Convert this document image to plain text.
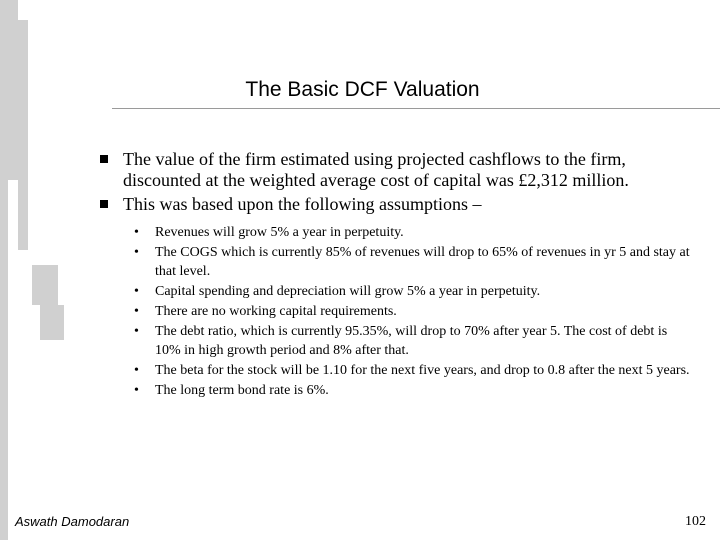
The Basic DCF Valuation
The value of the firm estimated using projected cashflows to the firm, discounted at the weighted average cost of capital was £2,312 million.
This was based upon the following assumptions –
• Revenues will grow 5% a year in perpetuity.
• The COGS which is currently 85% of revenues will drop to 65% of revenues in yr 5 and stay at that level.
• Capital spending and depreciation will grow 5% a year in perpetuity.
• There are no working capital requirements.
• The debt ratio, which is currently 95.35%, will drop to 70% after year 5. The cost of debt is 10% in high growth period and 8% after that.
• The beta for the stock will be 1.10 for the next five years, and drop to 0.8 after the next 5 years.
• The long term bond rate is 6%.
Aswath Damodaran	102
